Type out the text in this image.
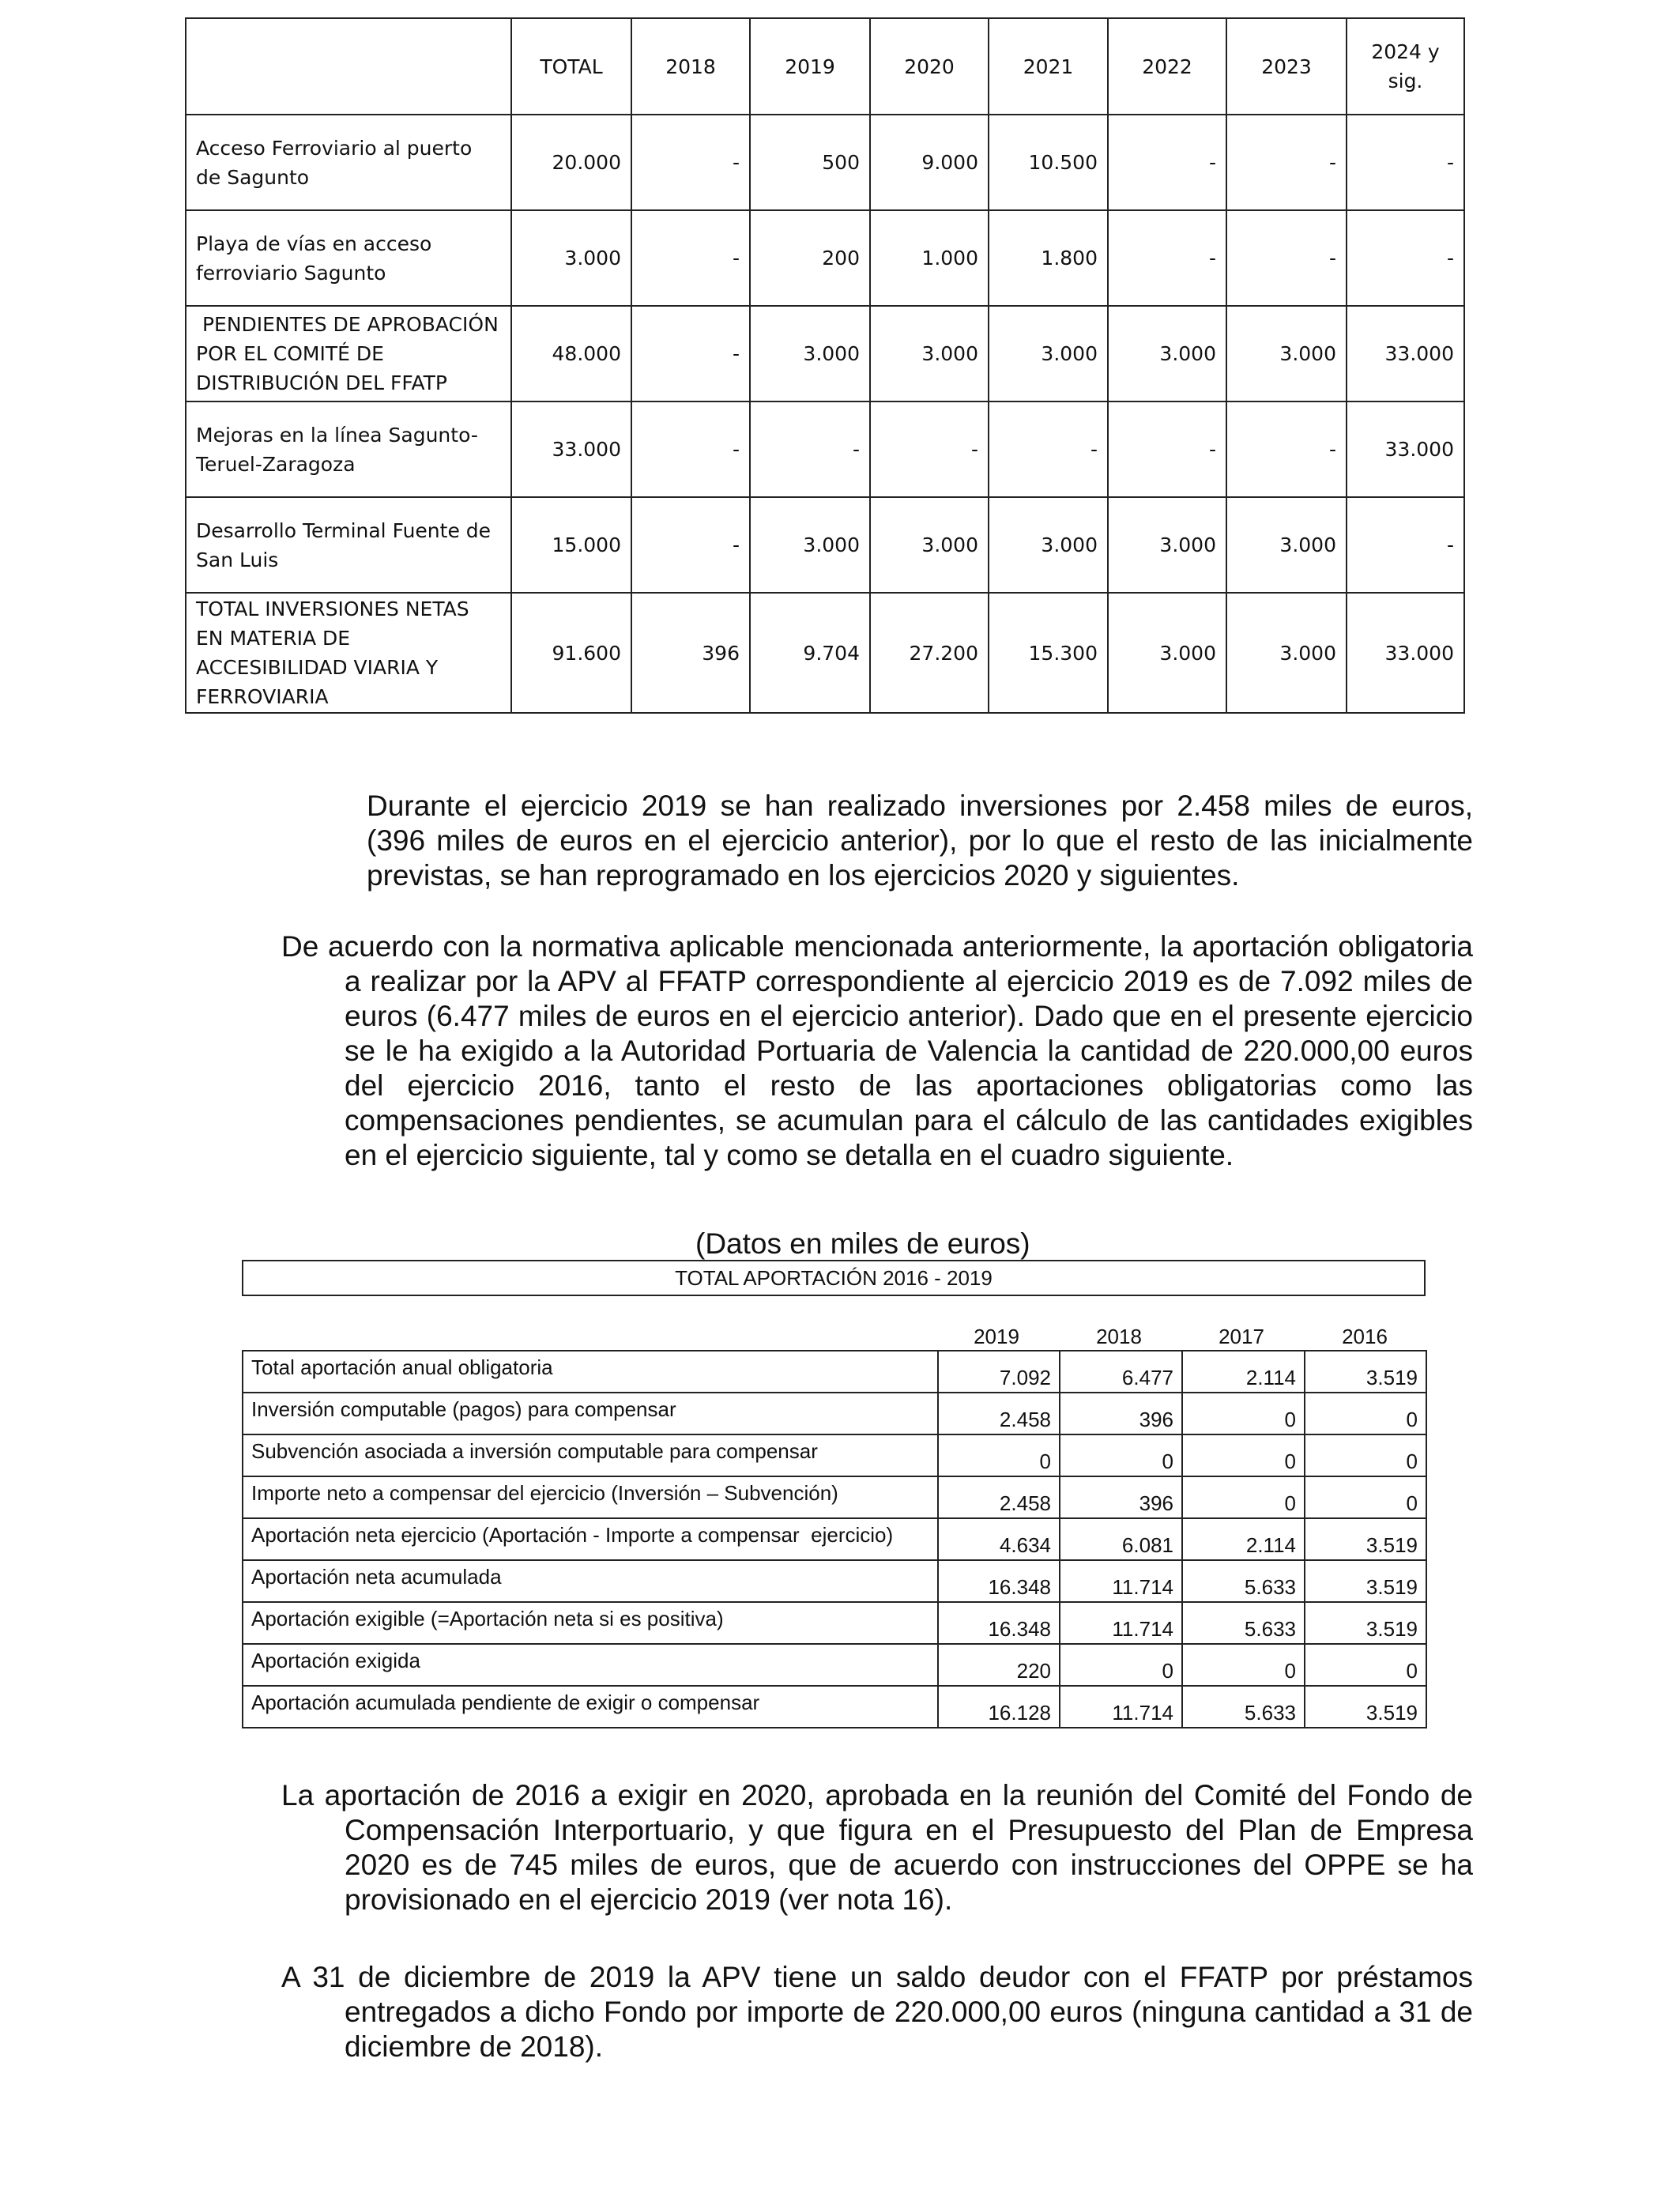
	TOTAL	2018	2019	2020	2021	2022	2023	2024 y sig.

Acceso Ferroviario al puerto
de Sagunto	20.000	-	500	9.000	10.500	-	-	-

Playa de vías en acceso
ferroviario Sagunto	3.000	-	200	1.000	1.800	-	-	-

PENDIENTES DE APROBACIÓN
POR EL COMITÉ DE
DISTRIBUCIÓN DEL FFATP	48.000	-	3.000	3.000	3.000	3.000	3.000	33.000

Mejoras en la línea Sagunto-
Teruel-Zaragoza	33.000	-	-	-	-	-	-	33.000

Desarrollo Terminal Fuente de
San Luis	15.000	-	3.000	3.000	3.000	3.000	3.000	-

TOTAL INVERSIONES NETAS
EN MATERIA DE
ACCESIBILIDAD VIARIA Y
FERROVIARIA	91.600	396	9.704	27.200	15.300	3.000	3.000	33.000

Durante el ejercicio 2019 se han realizado inversiones por 2.458 miles de euros, (396 miles de euros en el ejercicio anterior), por lo que el resto de las inicialmente previstas, se han reprogramado en los ejercicios 2020 y siguientes.

De acuerdo con la normativa aplicable mencionada anteriormente, la aportación obligatoria a realizar por la APV al FFATP correspondiente al ejercicio 2019 es de 7.092 miles de euros (6.477 miles de euros en el ejercicio anterior). Dado que en el presente ejercicio se le ha exigido a la Autoridad Portuaria de Valencia la cantidad de 220.000,00 euros del ejercicio 2016, tanto el resto de las aportaciones obligatorias como las compensaciones pendientes, se acumulan para el cálculo de las cantidades exigibles en el ejercicio siguiente, tal y como se detalla en el cuadro siguiente.

(Datos en miles de euros)
TOTAL APORTACIÓN 2016 - 2019
2019	2018	2017	2016
Total aportación anual obligatoria	7.092	6.477	2.114	3.519
Inversión computable (pagos) para compensar	2.458	396	0	0
Subvención asociada a inversión computable para compensar	0	0	0	0
Importe neto a compensar del ejercicio (Inversión – Subvención)	2.458	396	0	0
Aportación neta ejercicio (Aportación - Importe a compensar  ejercicio)	4.634	6.081	2.114	3.519
Aportación neta acumulada	16.348	11.714	5.633	3.519
Aportación exigible (=Aportación neta si es positiva)	16.348	11.714	5.633	3.519
Aportación exigida	220	0	0	0
Aportación acumulada pendiente de exigir o compensar	16.128	11.714	5.633	3.519

La aportación de 2016 a exigir en 2020, aprobada en la reunión del Comité del Fondo de Compensación Interportuario, y que figura en el Presupuesto del Plan de Empresa 2020 es de 745 miles de euros, que de acuerdo con instrucciones del OPPE se ha provisionado en el ejercicio 2019 (ver nota 16).

A 31 de diciembre de 2019 la APV tiene un saldo deudor con el FFATP por préstamos entregados a dicho Fondo por importe de 220.000,00 euros (ninguna cantidad a 31 de diciembre de 2018).
